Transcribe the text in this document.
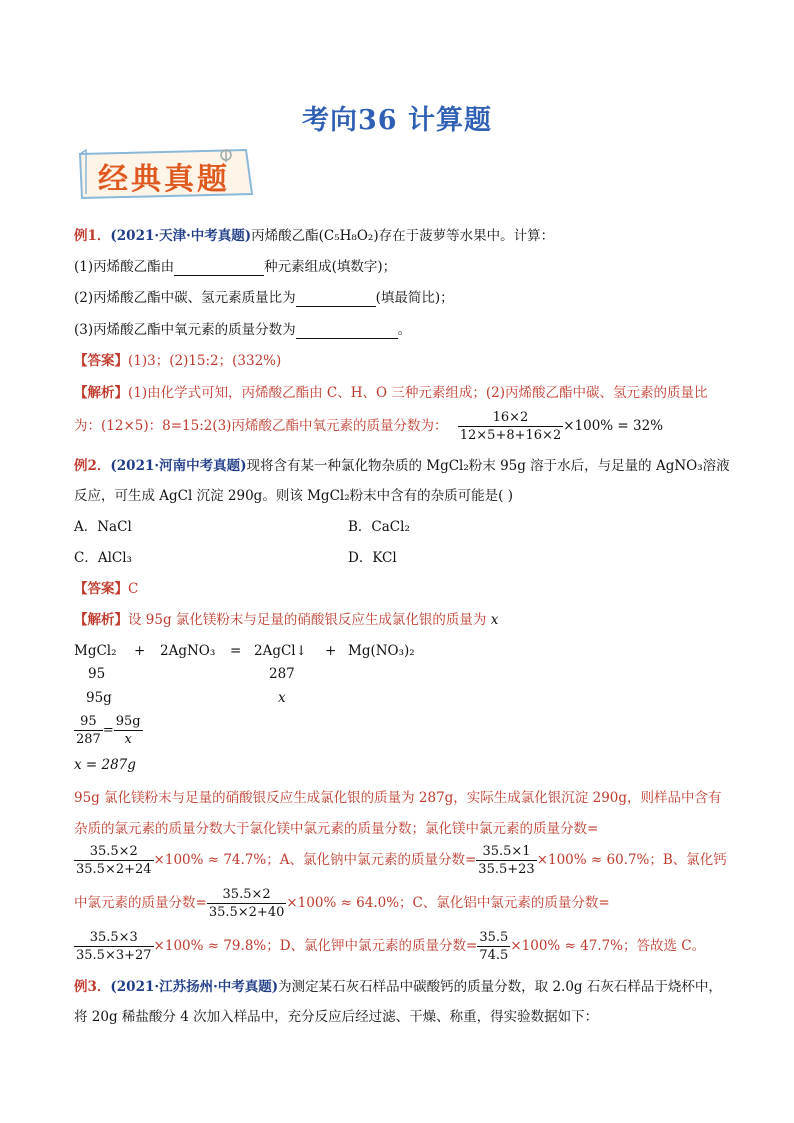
考向36 计算题
经典真题
例1．(2021·天津·中考真题)丙烯酸乙酯(C₅H₈O₂)存在于菠萝等水果中。计算：
(1)丙烯酸乙酯由	种元素组成(填数字)；
(2)丙烯酸乙酯中碳、氢元素质量比为	(填最简比)；
(3)丙烯酸乙酯中氧元素的质量分数为	。
【答案】(1)3；(2)15:2；(332%)
【解析】(1)由化学式可知，丙烯酸乙酯由 C、H、O 三种元素组成；(2)丙烯酸乙酯中碳、氢元素的质量比
为：(12×5)：8=15:2(3)丙烯酸乙酯中氧元素的质量分数为： $\frac{16\times 2}{12\times 5+8+16\times 2} \times 100\% = 32\%$
例2．(2021·河南中考真题)现将含有某一种氯化物杂质的 MgCl₂粉末 95g 溶于水后，与足量的 AgNO₃溶液
反应，可生成 AgCl 沉淀 290g。则该 MgCl₂粉末中含有的杂质可能是( )
A．NaCl	B．CaCl₂
C．AlCl₃	D．KCl
【答案】C
【解析】设 95g 氯化镁粉末与足量的硝酸银反应生成氯化银的质量为 x
MgCl₂ + 2AgNO₃ = 2AgCl↓ + Mg(NO₃)₂
95	287
95g	x
$\frac{95}{287} = \frac{95g}{x}$
x = 287g
95g 氯化镁粉末与足量的硝酸银反应生成氯化银的质量为 287g，实际生成氯化银沉淀 290g，则样品中含有
杂质的氯元素的质量分数大于氯化镁中氯元素的质量分数；氯化镁中氯元素的质量分数=
$\frac{35.5\times 2}{35.5\times 2+24} \times 100\% \approx 74.7\%$；A、氯化钠中氯元素的质量分数= $\frac{35.5\times 1}{35.5+23} \times 100\% \approx 60.7\%$；B、氯化钙
中氯元素的质量分数= $\frac{35.5\times 2}{35.5\times 2+40} \times 100\% \approx 64.0\%$；C、氯化铝中氯元素的质量分数=
$\frac{35.5\times 3}{35.5\times 3+27} \times 100\% \approx 79.8\%$；D、氯化钾中氯元素的质量分数= $\frac{35.5}{74.5} \times 100\% \approx 47.7\%$；答故选 C。
例3．(2021·江苏扬州·中考真题)为测定某石灰石样品中碳酸钙的质量分数，取 2.0g 石灰石样品于烧杯中，
将 20g 稀盐酸分 4 次加入样品中，充分反应后经过滤、干燥、称重，得实验数据如下：
